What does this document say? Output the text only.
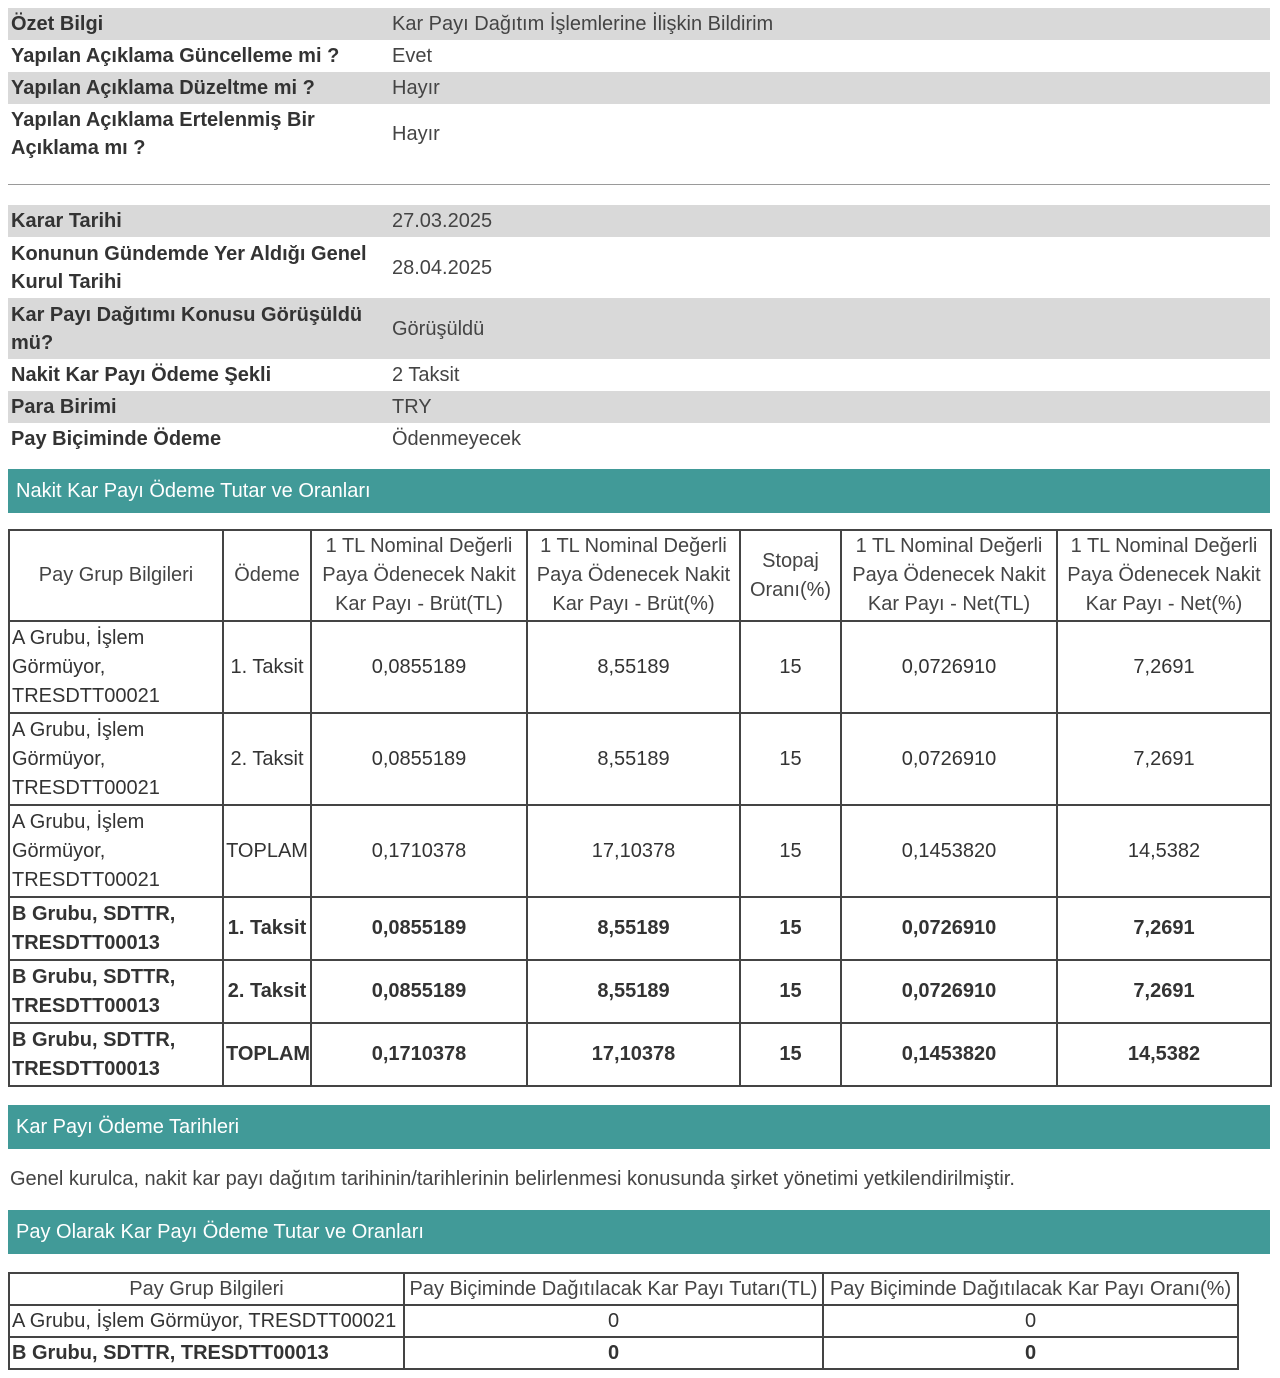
Özet Bilgi	Kar Payı Dağıtım İşlemlerine İlişkin Bildirim
Yapılan Açıklama Güncelleme mi ?	Evet
Yapılan Açıklama Düzeltme mi ?	Hayır
Yapılan Açıklama Ertelenmiş Bir Açıklama mı ?	Hayır
Karar Tarihi	27.03.2025
Konunun Gündemde Yer Aldığı Genel Kurul Tarihi	28.04.2025
Kar Payı Dağıtımı Konusu Görüşüldü mü?	Görüşüldü
Nakit Kar Payı Ödeme Şekli	2 Taksit
Para Birimi	TRY
Pay Biçiminde Ödeme	Ödenmeyecek
Nakit Kar Payı Ödeme Tutar ve Oranları
Pay Grup Bilgileri	Ödeme	1 TL Nominal Değerli Paya Ödenecek Nakit Kar Payı - Brüt(TL)	1 TL Nominal Değerli Paya Ödenecek Nakit Kar Payı - Brüt(%)	Stopaj Oranı(%)	1 TL Nominal Değerli Paya Ödenecek Nakit Kar Payı - Net(TL)	1 TL Nominal Değerli Paya Ödenecek Nakit Kar Payı - Net(%)
A Grubu, İşlem Görmüyor, TRESDTT00021	1. Taksit	0,0855189	8,55189	15	0,0726910	7,2691
A Grubu, İşlem Görmüyor, TRESDTT00021	2. Taksit	0,0855189	8,55189	15	0,0726910	7,2691
A Grubu, İşlem Görmüyor, TRESDTT00021	TOPLAM	0,1710378	17,10378	15	0,1453820	14,5382
B Grubu, SDTTR, TRESDTT00013	1. Taksit	0,0855189	8,55189	15	0,0726910	7,2691
B Grubu, SDTTR, TRESDTT00013	2. Taksit	0,0855189	8,55189	15	0,0726910	7,2691
B Grubu, SDTTR, TRESDTT00013	TOPLAM	0,1710378	17,10378	15	0,1453820	14,5382
Kar Payı Ödeme Tarihleri
Genel kurulca, nakit kar payı dağıtım tarihinin/tarihlerinin belirlenmesi konusunda şirket yönetimi yetkilendirilmiştir.
Pay Olarak Kar Payı Ödeme Tutar ve Oranları
Pay Grup Bilgileri	Pay Biçiminde Dağıtılacak Kar Payı Tutarı(TL)	Pay Biçiminde Dağıtılacak Kar Payı Oranı(%)
A Grubu, İşlem Görmüyor, TRESDTT00021	0	0
B Grubu, SDTTR, TRESDTT00013	0	0
